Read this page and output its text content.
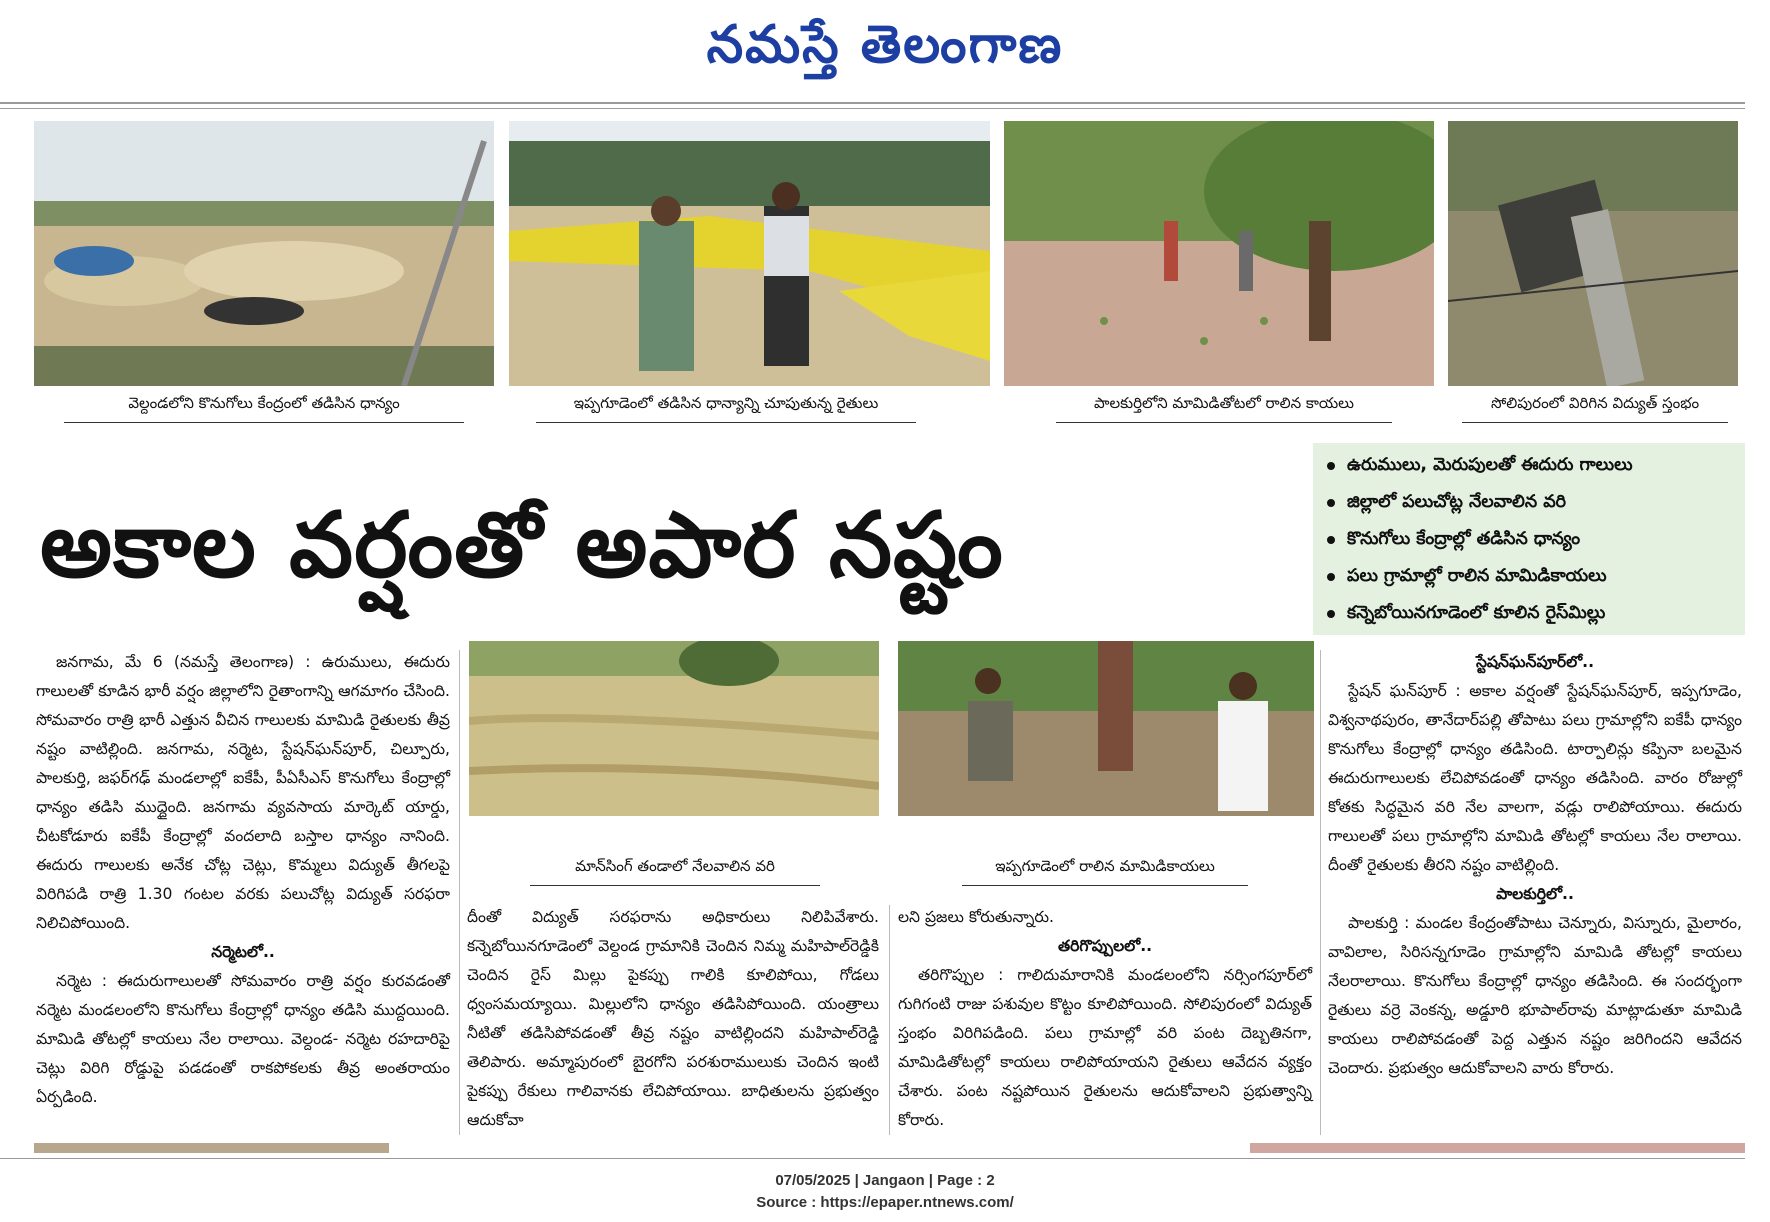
నమస్తే తెలంగాణ
వెల్దండలోని కొనుగోలు కేంద్రంలో తడిసిన ధాన్యం	ఇప్పగూడెంలో తడిసిన ధాన్యాన్ని చూపుతున్న రైతులు	పాలకుర్తిలోని మామిడితోటలో రాలిన కాయలు	సోలిపురంలో విరిగిన విద్యుత్ స్తంభం
అకాల వర్షంతో అపార నష్టం
ఉరుములు, మెరుపులతో ఈదురు గాలులు
జిల్లాలో పలుచోట్ల నేలవాలిన వరి
కొనుగోలు కేంద్రాల్లో తడిసిన ధాన్యం
పలు గ్రామాల్లో రాలిన మామిడికాయలు
కన్నెబోయినగూడెంలో కూలిన రైస్‌మిల్లు
మాన్‌సింగ్ తండాలో నేలవాలిన వరి	ఇప్పగూడెంలో రాలిన మామిడికాయలు

జనగామ, మే 6 (నమస్తే తెలంగాణ) : ఉరుములు, ఈదురు గాలులతో కూడిన భారీ వర్షం జిల్లాలోని రైతాంగాన్ని ఆగమాగం చేసింది. సోమవారం రాత్రి భారీ ఎత్తున వీచిన గాలులకు మామిడి రైతులకు తీవ్ర నష్టం వాటిల్లింది. జనగామ, నర్మెట, స్టేషన్‌ఘన్‌పూర్, చిల్పూరు, పాలకుర్తి, జఫర్‌గఢ్ మండలాల్లో ఐకేపీ, పీఏసీఎస్ కొనుగోలు కేంద్రాల్లో ధాన్యం తడిసి ముద్దైంది. జనగామ వ్యవసాయ మార్కెట్ యార్డు, చీటకోడూరు ఐకేపీ కేంద్రాల్లో వందలాది బస్తాల ధాన్యం నానింది. ఈదురు గాలులకు అనేక చోట్ల చెట్లు, కొమ్మలు విద్యుత్ తీగలపై విరిగిపడి రాత్రి 1.30 గంటల వరకు పలుచోట్ల విద్యుత్ సరఫరా నిలిచిపోయింది.

నర్మెటలో..

నర్మెట : ఈదురుగాలులతో సోమవారం రాత్రి వర్షం కురవడంతో నర్మెట మండలంలోని కొనుగోలు కేంద్రాల్లో ధాన్యం తడిసి ముద్దయింది. మామిడి తోటల్లో కాయలు నేల రాలాయి. వెల్దండ- నర్మెట రహదారిపై చెట్లు విరిగి రోడ్డుపై పడడంతో రాకపోకలకు తీవ్ర అంతరాయం ఏర్పడింది.

దీంతో విద్యుత్ సరఫరాను అధికారులు నిలిపివేశారు. కన్నెబోయినగూడెంలో వెల్దండ గ్రామానికి చెందిన నిమ్మ మహిపాల్‌రెడ్డికి చెందిన రైస్ మిల్లు పైకప్పు గాలికి కూలిపోయి, గోడలు ధ్వంసమయ్యాయి. మిల్లులోని ధాన్యం తడిసిపోయింది. యంత్రాలు నీటితో తడిసిపోవడంతో తీవ్ర నష్టం వాటిల్లిందని మహిపాల్‌రెడ్డి తెలిపారు. అమ్మాపురంలో బైరగోని పరశురాములుకు చెందిన ఇంటి పైకప్పు రేకులు గాలివానకు లేచిపోయాయి. బాధితులను ప్రభుత్వం ఆదుకోవా

లని ప్రజలు కోరుతున్నారు.

తరిగొప్పులలో..

తరిగొప్పుల : గాలిదుమారానికి మండలంలోని నర్సింగపూర్‌లో గుగిగంటి రాజు పశువుల కొట్టం కూలిపోయింది. సోలిపురంలో విద్యుత్ స్తంభం విరిగిపడింది. పలు గ్రామాల్లో వరి పంట దెబ్బతినగా, మామిడితోటల్లో కాయలు రాలిపోయాయని రైతులు ఆవేదన వ్యక్తం చేశారు. పంట నష్టపోయిన రైతులను ఆదుకోవాలని ప్రభుత్వాన్ని కోరారు.

స్టేషన్‌ఘన్‌పూర్‌లో..

స్టేషన్ ఘన్‌పూర్ : అకాల వర్షంతో స్టేషన్‌ఘన్‌పూర్, ఇప్పగూడెం, విశ్వనాథపురం, తానేదార్‌పల్లి తోపాటు పలు గ్రామాల్లోని ఐకేపీ ధాన్యం కొనుగోలు కేంద్రాల్లో ధాన్యం తడిసింది. టార్పాలిన్లు కప్పినా బలమైన ఈదురుగాలులకు లేచిపోవడంతో ధాన్యం తడిసింది. వారం రోజుల్లో కోతకు సిద్ధమైన వరి నేల వాలగా, వడ్లు రాలిపోయాయి. ఈదురు గాలులతో పలు గ్రామాల్లోని మామిడి తోటల్లో కాయలు నేల రాలాయి. దీంతో రైతులకు తీరని నష్టం వాటిల్లింది.

పాలకుర్తిలో..

పాలకుర్తి : మండల కేంద్రంతోపాటు చెన్నూరు, విస్నూరు, మైలారం, వావిలాల, సిరిసన్నగూడెం గ్రామాల్లోని మామిడి తోటల్లో కాయలు నేలరాలాయి. కొనుగోలు కేంద్రాల్లో ధాన్యం తడిసింది. ఈ సందర్భంగా రైతులు వర్రె వెంకన్న, అడ్డూరి భూపాల్‌రావు మాట్లాడుతూ మామిడి కాయలు రాలిపోవడంతో పెద్ద ఎత్తున నష్టం జరిగిందని ఆవేదన చెందారు. ప్రభుత్వం ఆదుకోవాలని వారు కోరారు.

07/05/2025 | Jangaon | Page : 2
Source : https://epaper.ntnews.com/
